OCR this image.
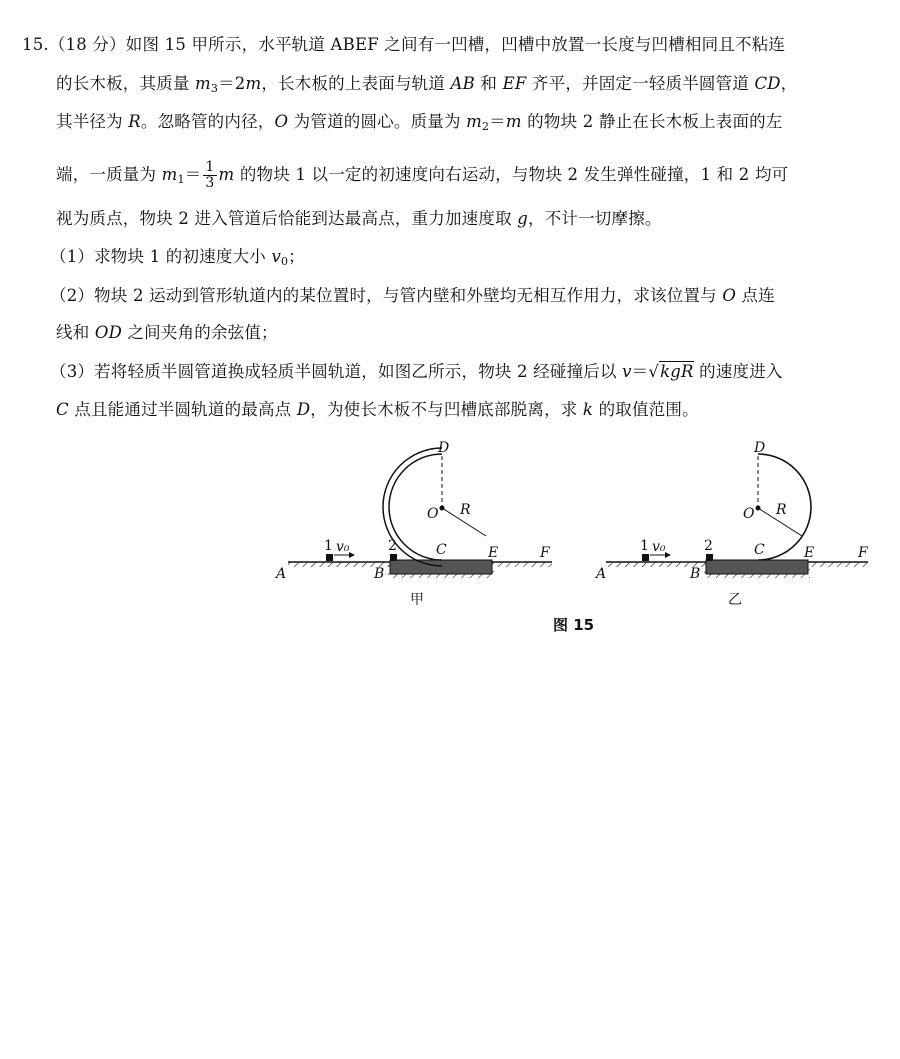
15.（18 分）如图 15 甲所示，水平轨道 ABEF 之间有一凹槽，凹槽中放置一长度与凹槽相同且不粘连
的长木板，其质量 $m_3=2m$，长木板的上表面与轨道 AB 和 EF 齐平，并固定一轻质半圆管道 CD，
其半径为 R。忽略管的内径，O 为管道的圆心。质量为 $m_2=m$ 的物块 2 静止在长木板上表面的左
端，一质量为 $m_1= \frac{1}{3}$ m 的物块 1 以一定的初速度向右运动，与物块 2 发生弹性碰撞，1 和 2 均可
视为质点，物块 2 进入管道后恰能到达最高点，重力加速度取 g，不计一切摩擦。
（1）求物块 1 的初速度大小 $v_0$；
（2）物块 2 运动到管形轨道内的某位置时，与管内壁和外壁均无相互作用力，求该位置与 O 点连
线和 OD 之间夹角的余弦值；
（3）若将轻质半圆管道换成轻质半圆轨道，如图乙所示，物块 2 经碰撞后以 v＝√kgR 的速度进入
C 点且能通过半圆轨道的最高点 D，为使长木板不与凹槽底部脱离，求 k 的取值范围。
A	B
C
D
E	F
O R
1 v₀	2
甲
A	B
C
D
E	F
O R
1 v₀	2
乙
图 15
